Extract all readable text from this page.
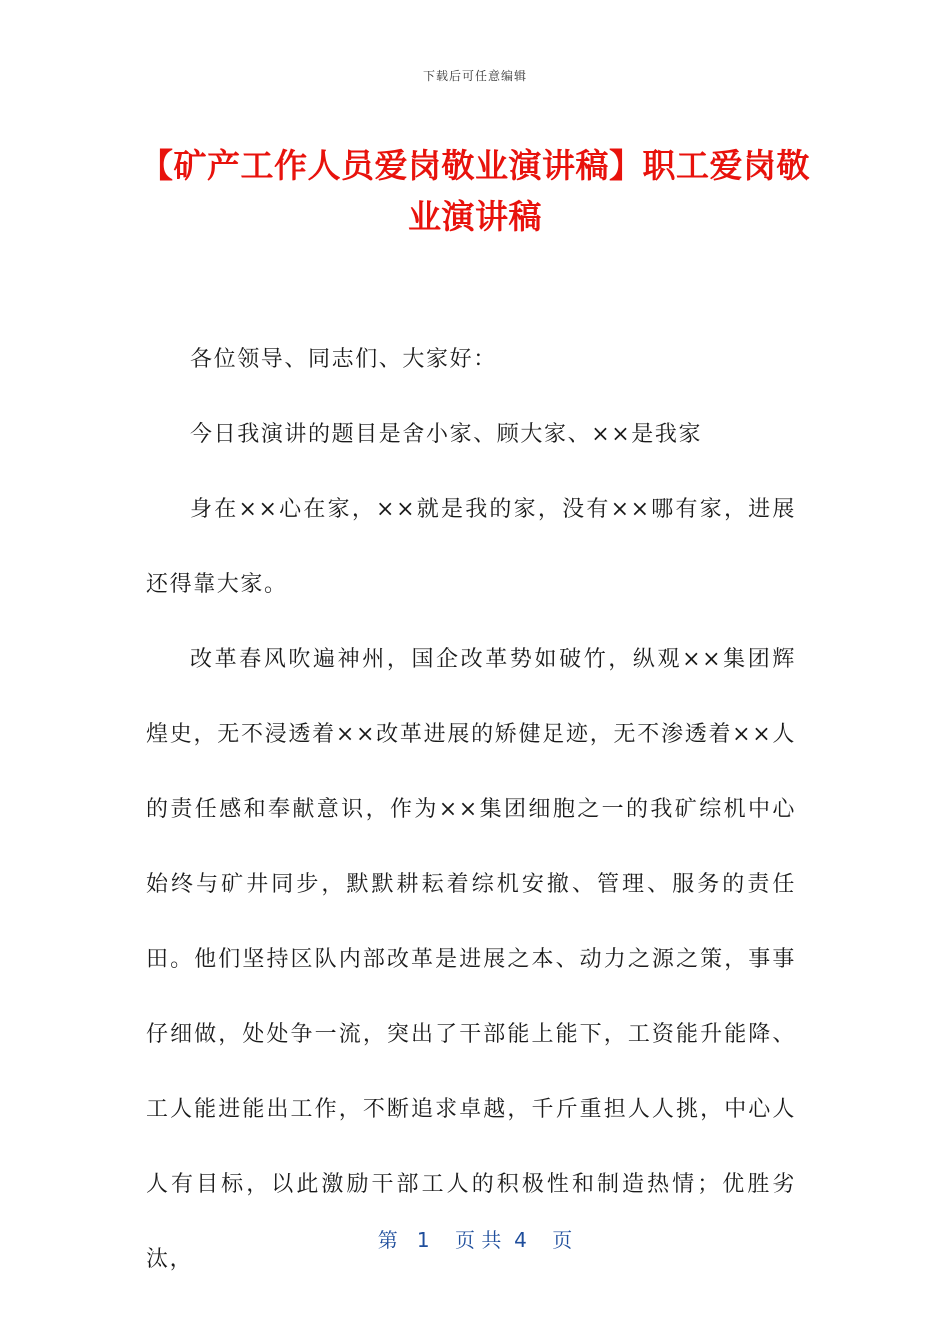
下载后可任意编辑
【矿产工作人员爱岗敬业演讲稿】职工爱岗敬业演讲稿

各位领导、同志们、大家好：

今日我演讲的题目是舍小家、顾大家、××是我家

身在××心在家，××就是我的家，没有××哪有家，进展还得靠大家。

改革春风吹遍神州，国企改革势如破竹，纵观××集团辉煌史，无不浸透着××改革进展的矫健足迹，无不渗透着××人的责任感和奉献意识，作为××集团细胞之一的我矿综机中心始终与矿井同步，默默耕耘着综机安撤、管理、服务的责任田。他们坚持区队内部改革是进展之本、动力之源之策，事事仔细做，处处争一流，突出了干部能上能下，工资能升能降、工人能进能出工作，不断追求卓越，千斤重担人人挑，中心人人有目标，以此激励干部工人的积极性和制造热情；优胜劣汰，

第   1    页 共  4    页
